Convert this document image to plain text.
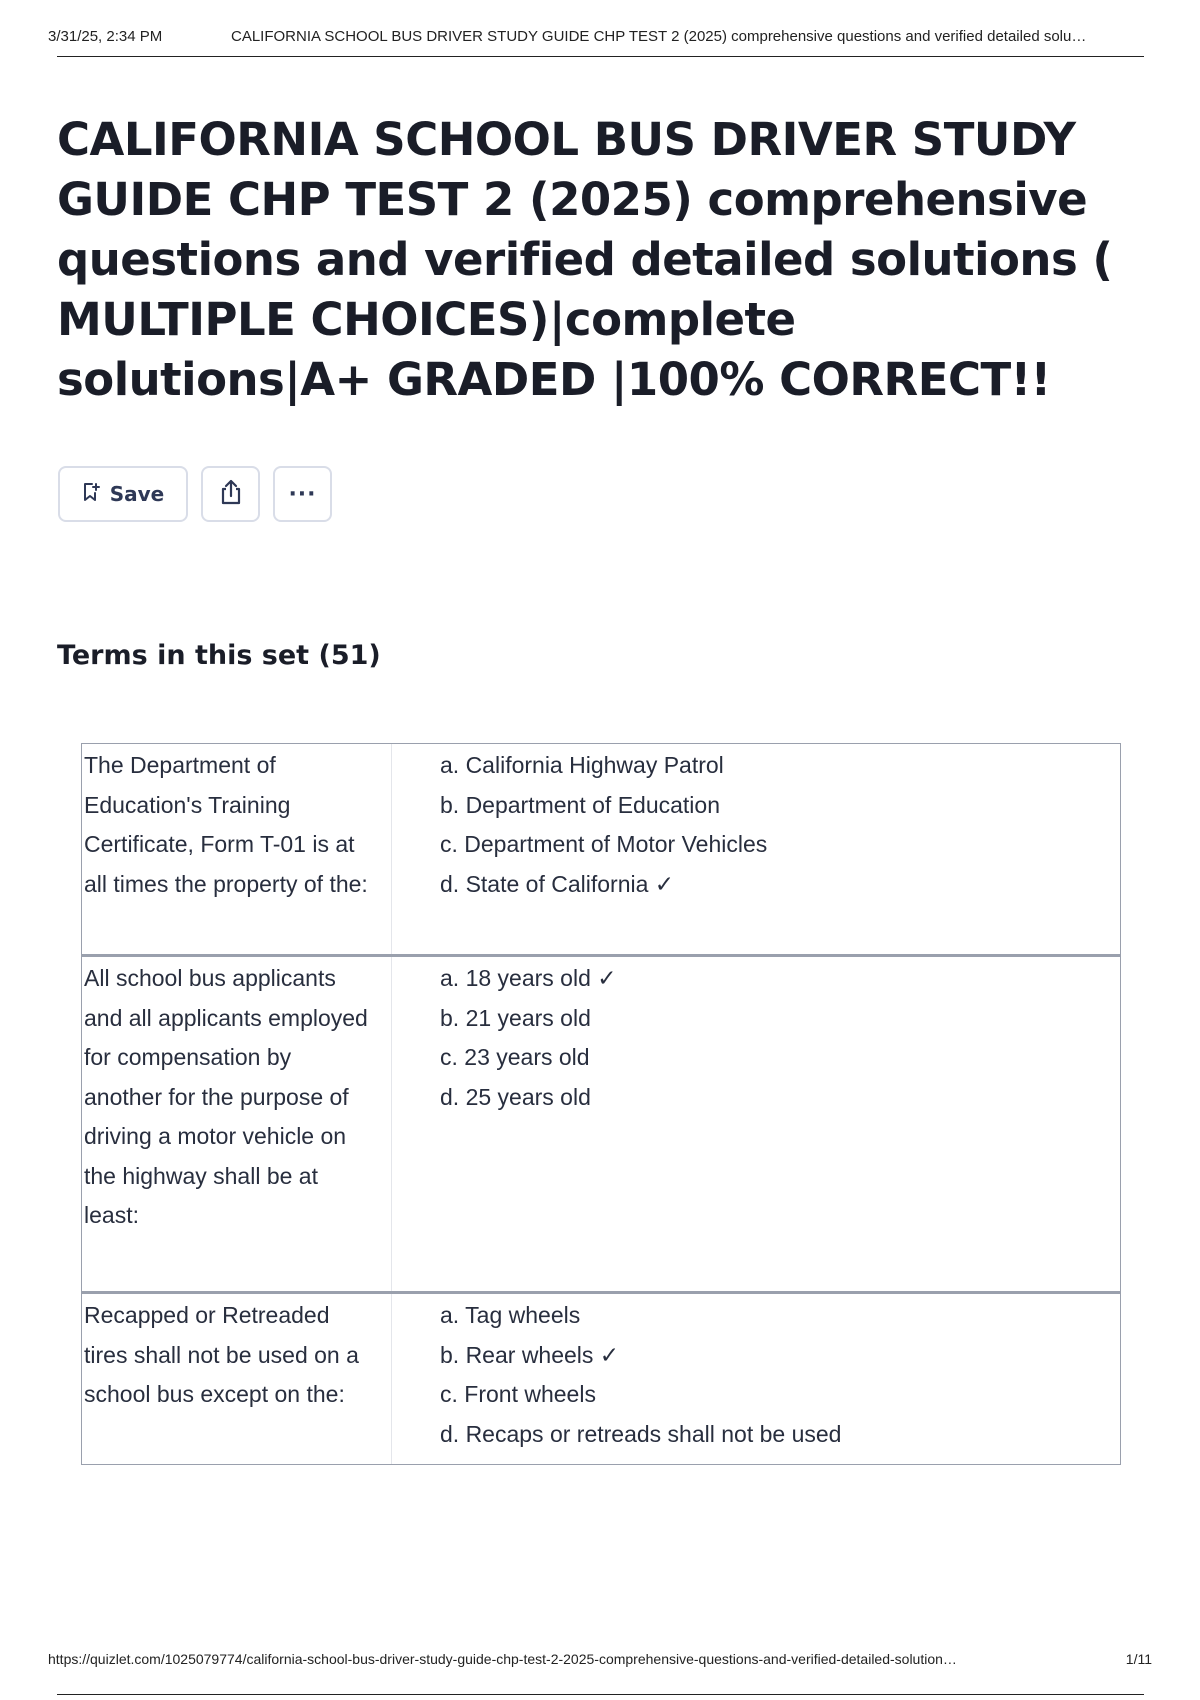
3/31/25, 2:34 PM	CALIFORNIA SCHOOL BUS DRIVER STUDY GUIDE CHP TEST 2 (2025) comprehensive questions and verified detailed solu…
CALIFORNIA SCHOOL BUS DRIVER STUDY GUIDE CHP TEST 2 (2025) comprehensive questions and verified detailed solutions ( MULTIPLE CHOICES)|complete solutions|A+ GRADED |100% CORRECT!!
Save	···
Terms in this set (51)
The Department of Education's Training Certificate, Form T-01 is at all times the property of the:
a. California Highway Patrol
b. Department of Education
c. Department of Motor Vehicles
d. State of California ✓
All school bus applicants and all applicants employed for compensation by another for the purpose of driving a motor vehicle on the highway shall be at least:
a. 18 years old ✓
b. 21 years old
c. 23 years old
d. 25 years old
Recapped or Retreaded tires shall not be used on a school bus except on the:
a. Tag wheels
b. Rear wheels ✓
c. Front wheels
d. Recaps or retreads shall not be used
https://quizlet.com/1025079774/california-school-bus-driver-study-guide-chp-test-2-2025-comprehensive-questions-and-verified-detailed-solution…	1/11
